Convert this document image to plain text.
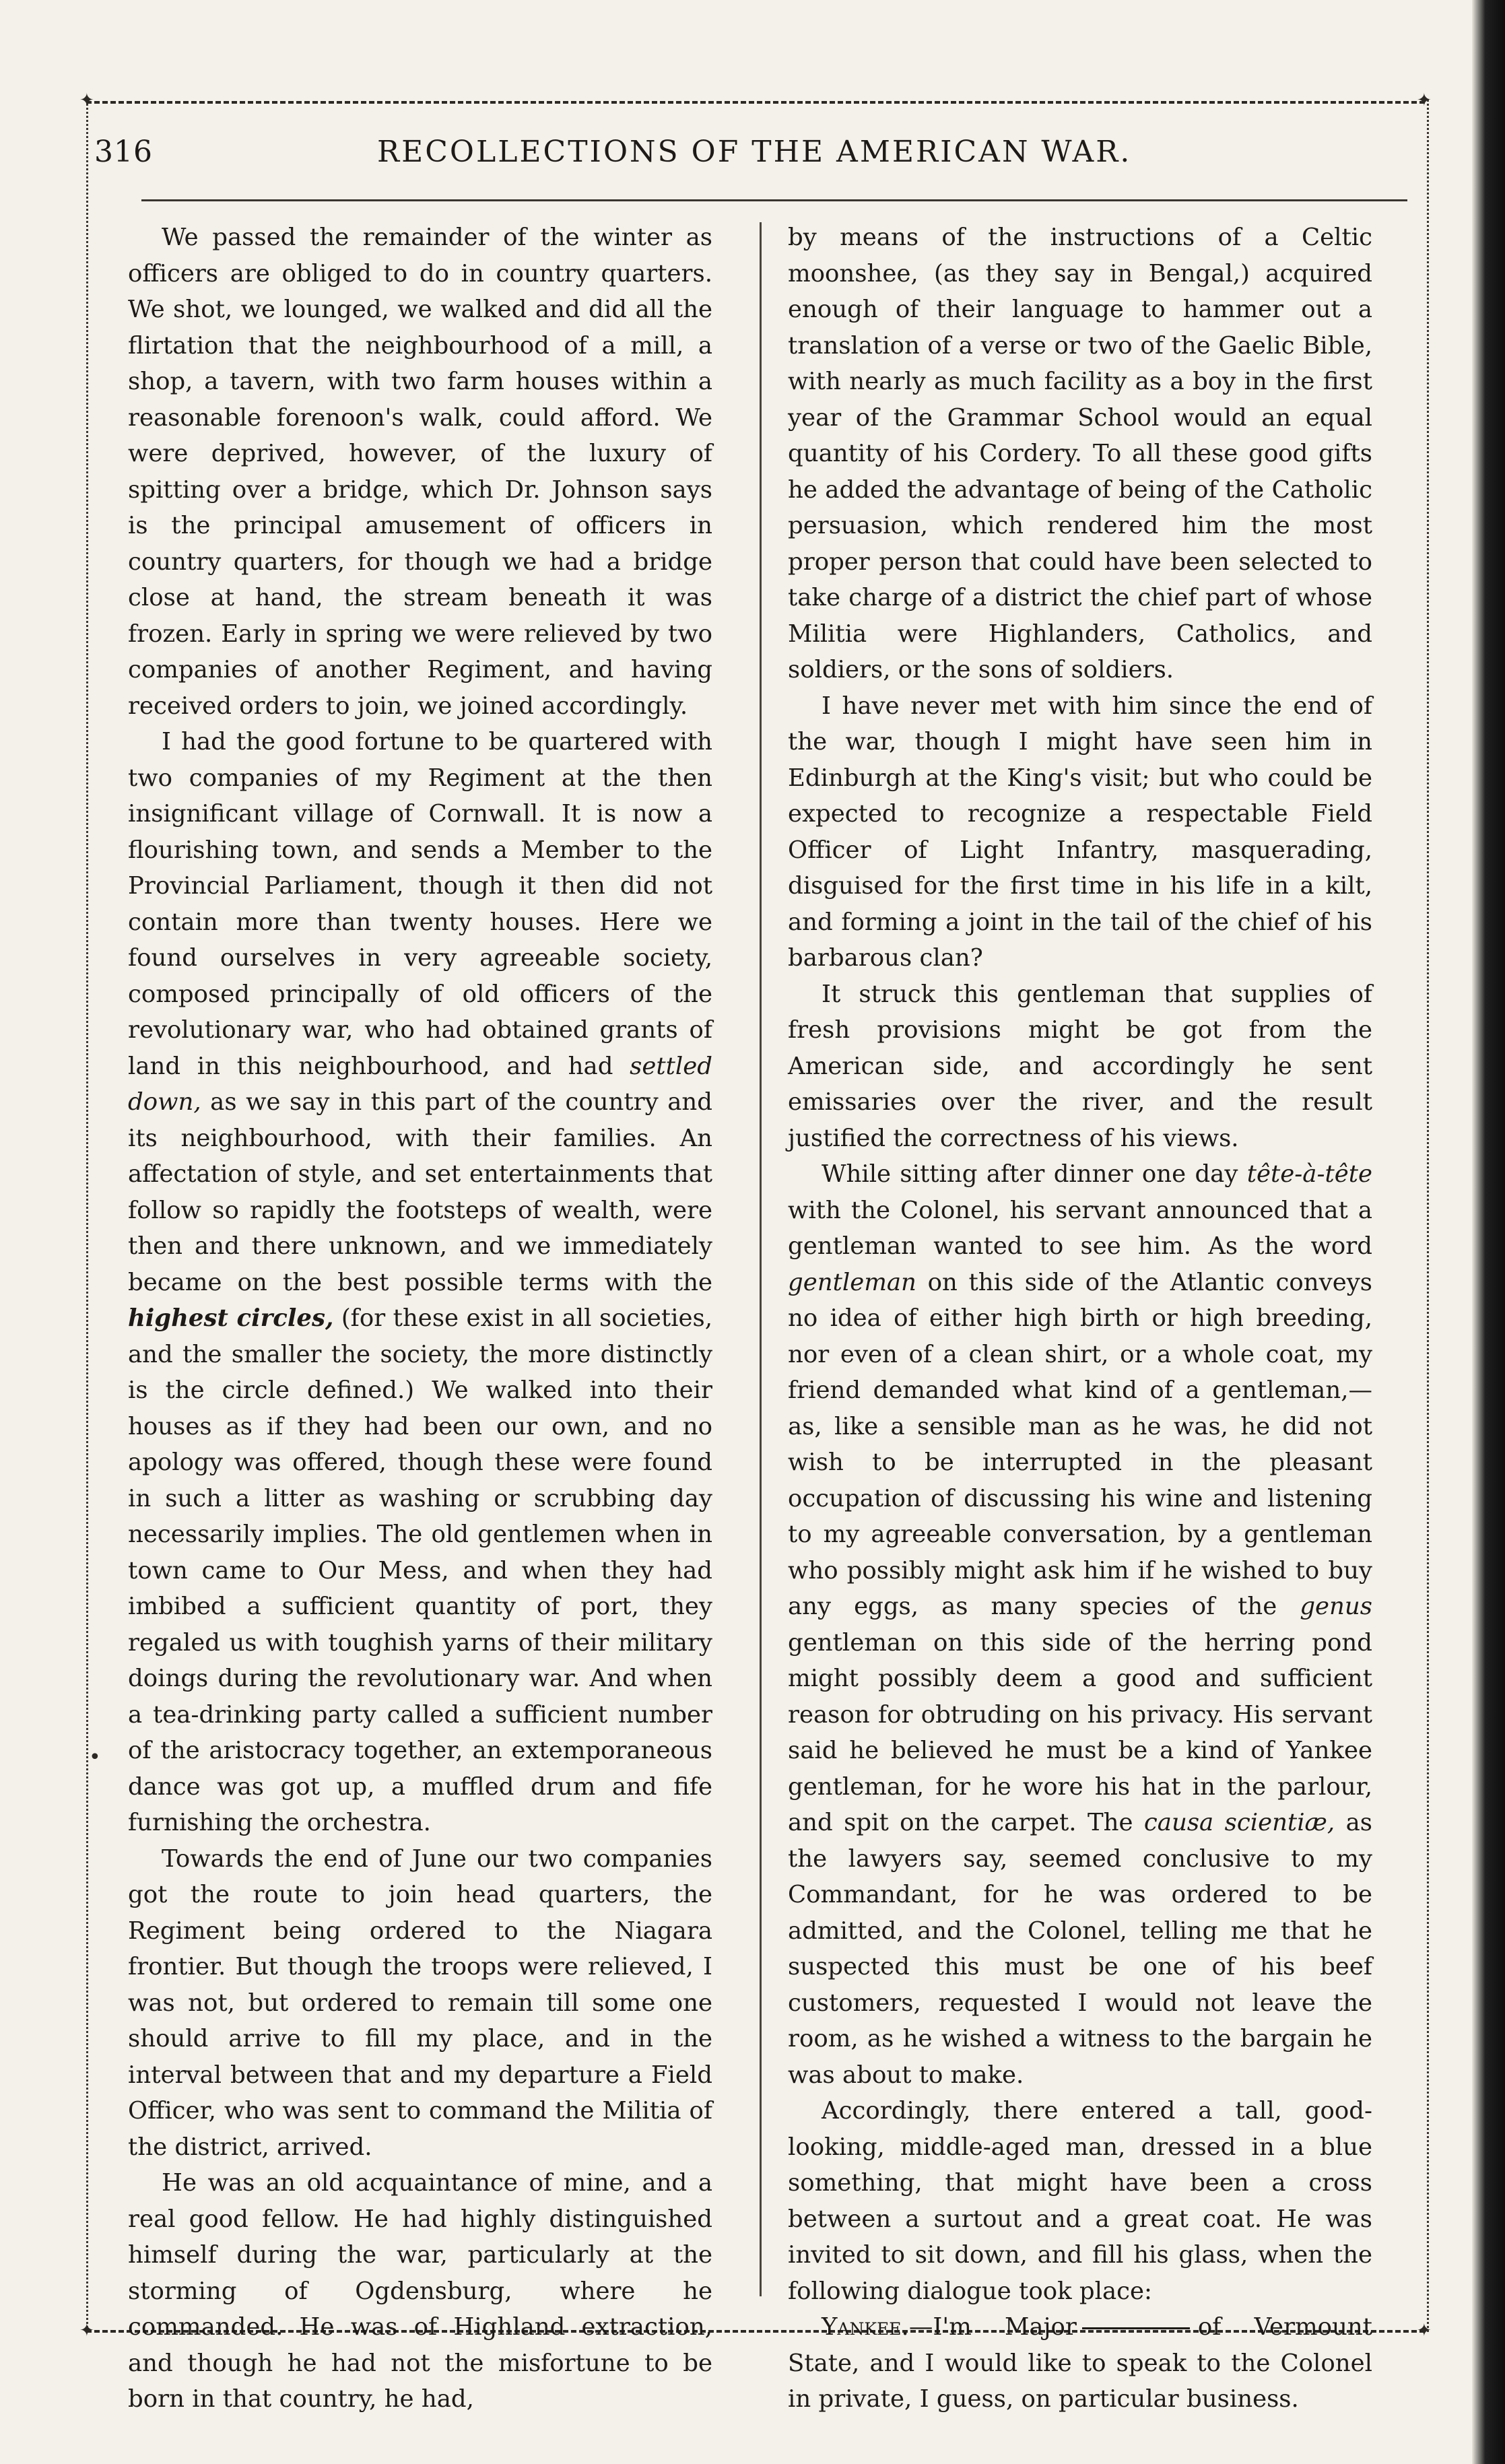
✦	✦
✦	✦
316	RECOLLECTIONS OF THE AMERICAN WAR.

We passed the remainder of the winter as officers are obliged to do in country quarters. We shot, we lounged, we walked and did all the flirtation that the neighbourhood of a mill, a shop, a tavern, with two farm houses within a reasonable forenoon's walk, could afford. We were deprived, however, of the luxury of spitting over a bridge, which Dr. Johnson says is the principal amusement of officers in country quarters, for though we had a bridge close at hand, the stream beneath it was frozen. Early in spring we were relieved by two companies of another Regiment, and having received orders to join, we joined accordingly.

I had the good fortune to be quartered with two companies of my Regiment at the then insignificant village of Cornwall. It is now a flourishing town, and sends a Member to the Provincial Parliament, though it then did not contain more than twenty houses. Here we found ourselves in very agreeable society, composed principally of old officers of the revolutionary war, who had obtained grants of land in this neighbourhood, and had settled down, as we say in this part of the country and its neighbourhood, with their families. An affectation of style, and set entertainments that follow so rapidly the footsteps of wealth, were then and there unknown, and we immediately became on the best possible terms with the highest circles, (for these exist in all societies, and the smaller the society, the more distinctly is the circle defined.) We walked into their houses as if they had been our own, and no apology was offered, though these were found in such a litter as washing or scrubbing day necessarily implies. The old gentlemen when in town came to Our Mess, and when they had imbibed a sufficient quantity of port, they regaled us with toughish yarns of their military doings during the revolutionary war. And when a tea-drinking party called a sufficient number of the aristocracy together, an extemporaneous dance was got up, a muffled drum and fife furnishing the orchestra.

Towards the end of June our two companies got the route to join head quarters, the Regiment being ordered to the Niagara frontier. But though the troops were relieved, I was not, but ordered to remain till some one should arrive to fill my place, and in the interval between that and my departure a Field Officer, who was sent to command the Militia of the district, arrived.

He was an old acquaintance of mine, and a real good fellow. He had highly distinguished himself during the war, particularly at the storming of Ogdensburg, where he commanded. He was of Highland extraction, and though he had not the misfortune to be born in that country, he had,

by means of the instructions of a Celtic moonshee, (as they say in Bengal,) acquired enough of their language to hammer out a translation of a verse or two of the Gaelic Bible, with nearly as much facility as a boy in the first year of the Grammar School would an equal quantity of his Cordery. To all these good gifts he added the advantage of being of the Catholic persuasion, which rendered him the most proper person that could have been selected to take charge of a district the chief part of whose Militia were Highlanders, Catholics, and soldiers, or the sons of soldiers.

I have never met with him since the end of the war, though I might have seen him in Edinburgh at the King's visit; but who could be expected to recognize a respectable Field Officer of Light Infantry, masquerading, disguised for the first time in his life in a kilt, and forming a joint in the tail of the chief of his barbarous clan?

It struck this gentleman that supplies of fresh provisions might be got from the American side, and accordingly he sent emissaries over the river, and the result justified the correctness of his views.

While sitting after dinner one day tête-à-tête with the Colonel, his servant announced that a gentleman wanted to see him. As the word gentleman on this side of the Atlantic conveys no idea of either high birth or high breeding, nor even of a clean shirt, or a whole coat, my friend demanded what kind of a gentleman,—as, like a sensible man as he was, he did not wish to be interrupted in the pleasant occupation of discussing his wine and listening to my agreeable conversation, by a gentleman who possibly might ask him if he wished to buy any eggs, as many species of the genus gentleman on this side of the herring pond might possibly deem a good and sufficient reason for obtruding on his privacy. His servant said he believed he must be a kind of Yankee gentleman, for he wore his hat in the parlour, and spit on the carpet. The causa scientiæ, as the lawyers say, seemed conclusive to my Commandant, for he was ordered to be admitted, and the Colonel, telling me that he suspected this must be one of his beef customers, requested I would not leave the room, as he wished a witness to the bargain he was about to make.

Accordingly, there entered a tall, good-looking, middle-aged man, dressed in a blue something, that might have been a cross between a surtout and a great coat. He was invited to sit down, and fill his glass, when the following dialogue took place:

Yankee.—I'm Major	of Vermount State, and I would like to speak to the Colonel in private, I guess, on particular business.

•
